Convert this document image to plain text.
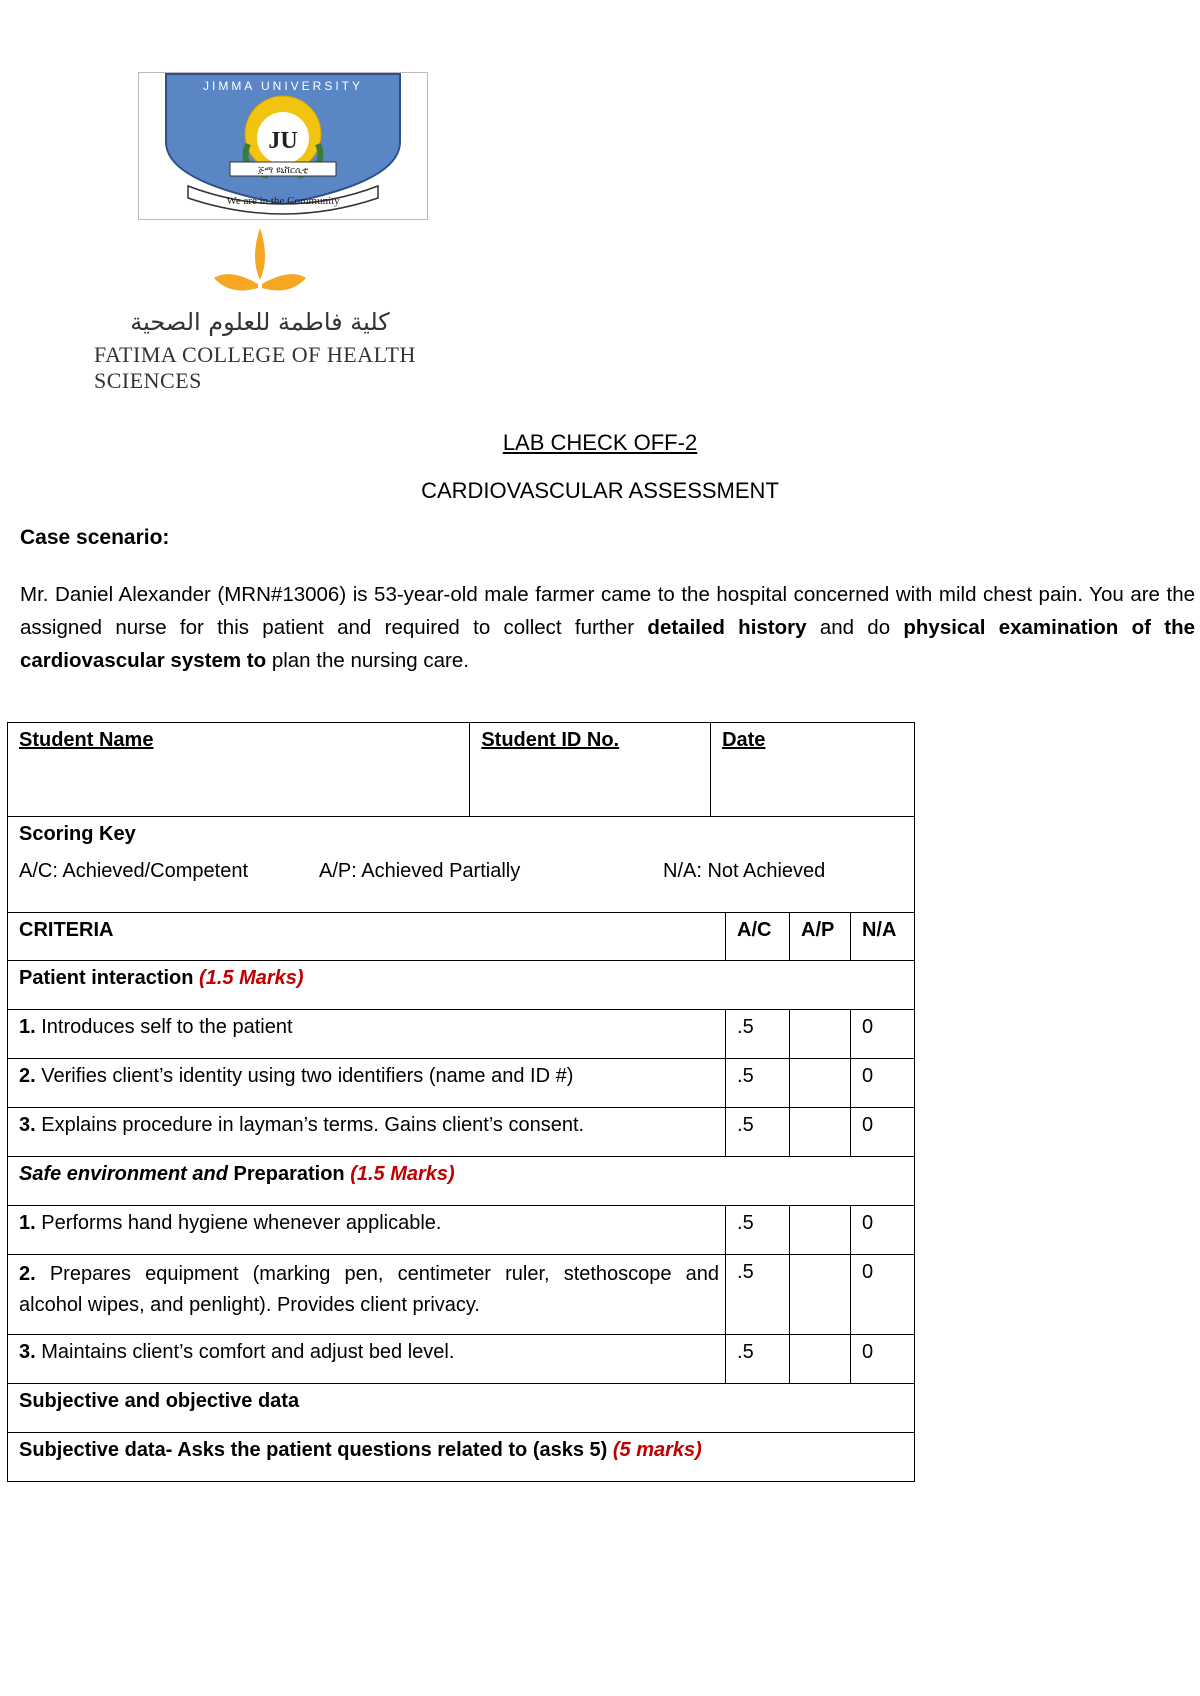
JU
ጅማ ዩኒቨርሲቲ
JIMMA UNIVERSITY
We are in the Community
كلية فاطمة للعلوم الصحية
FATIMA COLLEGE OF HEALTH SCIENCES
LAB CHECK OFF-2
CARDIOVASCULAR ASSESSMENT
Case scenario:
Mr. Daniel Alexander (MRN#13006) is 53-year-old male farmer came to the hospital concerned with mild chest pain. You are the assigned nurse for this patient and required to collect further detailed history and do physical examination of the cardiovascular system to plan the nursing care.
Student Name	Student ID No.	Date			

Scoring Key
A/C: Achieved/Competent A/P: Achieved Partially N/A: Not Achieved					

CRITERIA			A/C	A/P	N/A
Patient interaction (1.5 Marks)					
1. Introduces self to the patient			.5		0
2. Verifies client’s identity using two identifiers (name and ID #)			.5		0
3. Explains procedure in layman’s terms. Gains client’s consent.			.5		0
Safe environment and Preparation (1.5 Marks)					
1. Performs hand hygiene whenever applicable.			.5		0
2. Prepares equipment (marking pen, centimeter ruler, stethoscope and alcohol wipes, and penlight). Provides client privacy.			.5		0
3. Maintains client’s comfort and adjust bed level.			.5		0
Subjective and objective data					
Subjective data- Asks the patient questions related to (asks 5) (5 marks)					
